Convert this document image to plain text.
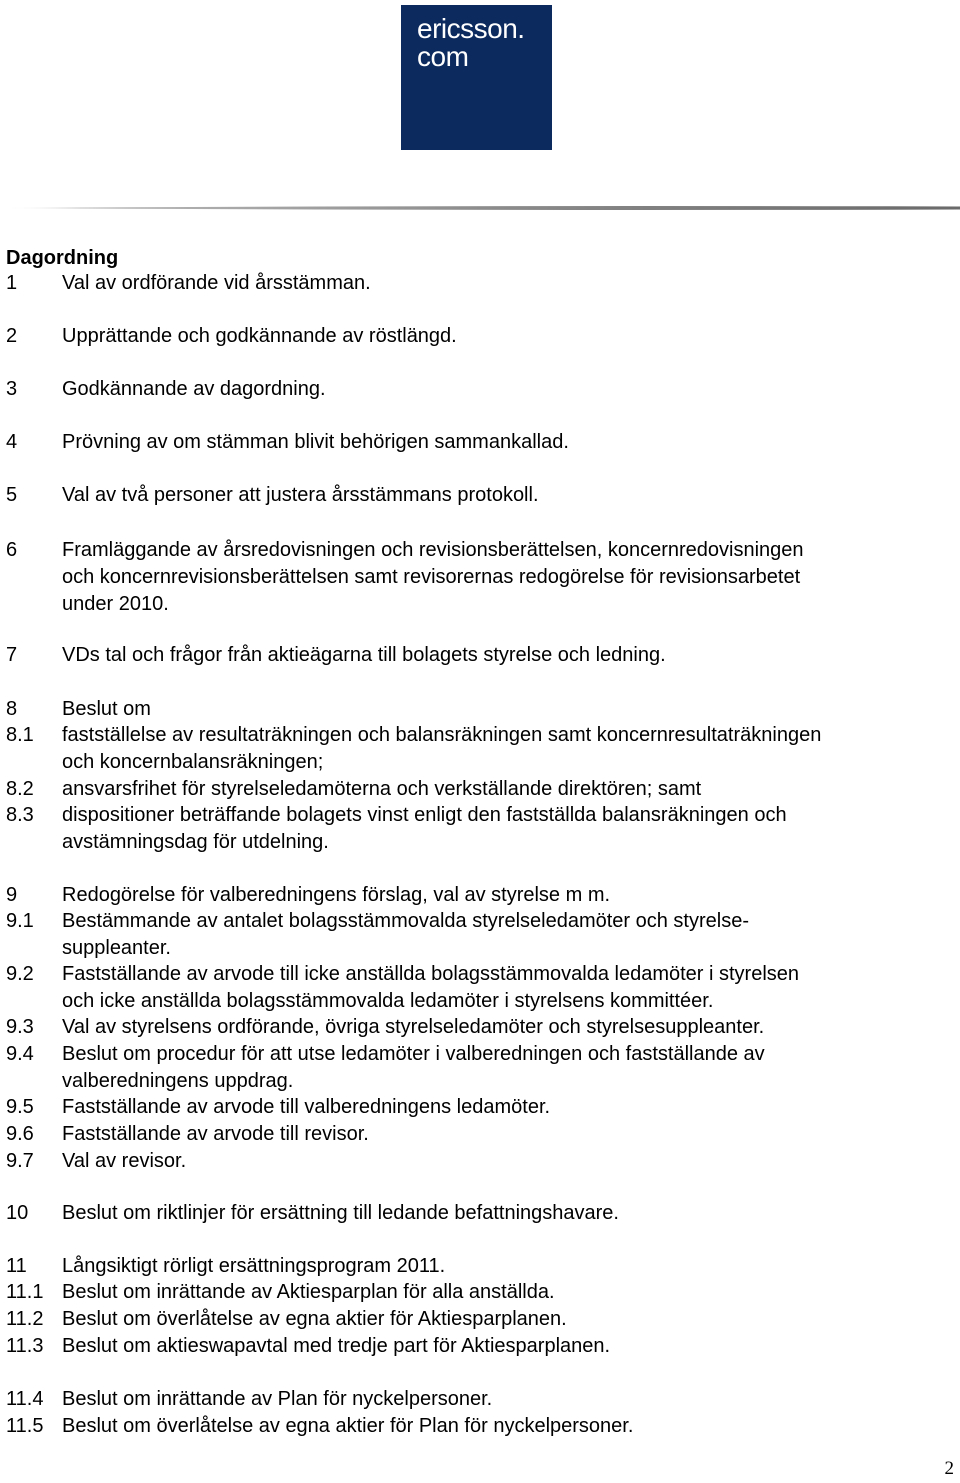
ericsson.
com
Dagordning
1 Val av ordförande vid årsstämman.
2 Upprättande och godkännande av röstlängd.
3 Godkännande av dagordning.
4 Prövning av om stämman blivit behörigen sammankallad.
5 Val av två personer att justera årsstämmans protokoll.
6 Framläggande av årsredovisningen och revisionsberättelsen, koncernredovisningen
och koncernrevisionsberättelsen samt revisorernas redogörelse för revisionsarbetet
under 2010.
7 VDs tal och frågor från aktieägarna till bolagets styrelse och ledning.
8 Beslut om
8.1 fastställelse av resultaträkningen och balansräkningen samt koncernresultaträkningen
och koncernbalansräkningen;
8.2 ansvarsfrihet för styrelseledamöterna och verkställande direktören; samt
8.3 dispositioner beträffande bolagets vinst enligt den fastställda balansräkningen och
avstämningsdag för utdelning.
9 Redogörelse för valberedningens förslag, val av styrelse m m.
9.1 Bestämmande av antalet bolagsstämmovalda styrelseledamöter och styrelse-
suppleanter.
9.2 Fastställande av arvode till icke anställda bolagsstämmovalda ledamöter i styrelsen
och icke anställda bolagsstämmovalda ledamöter i styrelsens kommittéer.
9.3 Val av styrelsens ordförande, övriga styrelseledamöter och styrelsesuppleanter.
9.4 Beslut om procedur för att utse ledamöter i valberedningen och fastställande av
valberedningens uppdrag.
9.5 Fastställande av arvode till valberedningens ledamöter.
9.6 Fastställande av arvode till revisor.
9.7 Val av revisor.
10 Beslut om riktlinjer för ersättning till ledande befattningshavare.
11 Långsiktigt rörligt ersättningsprogram 2011.
11.1 Beslut om inrättande av Aktiesparplan för alla anställda.
11.2 Beslut om överlåtelse av egna aktier för Aktiesparplanen.
11.3 Beslut om aktieswapavtal med tredje part för Aktiesparplanen.
11.4 Beslut om inrättande av Plan för nyckelpersoner.
11.5 Beslut om överlåtelse av egna aktier för Plan för nyckelpersoner.
2
